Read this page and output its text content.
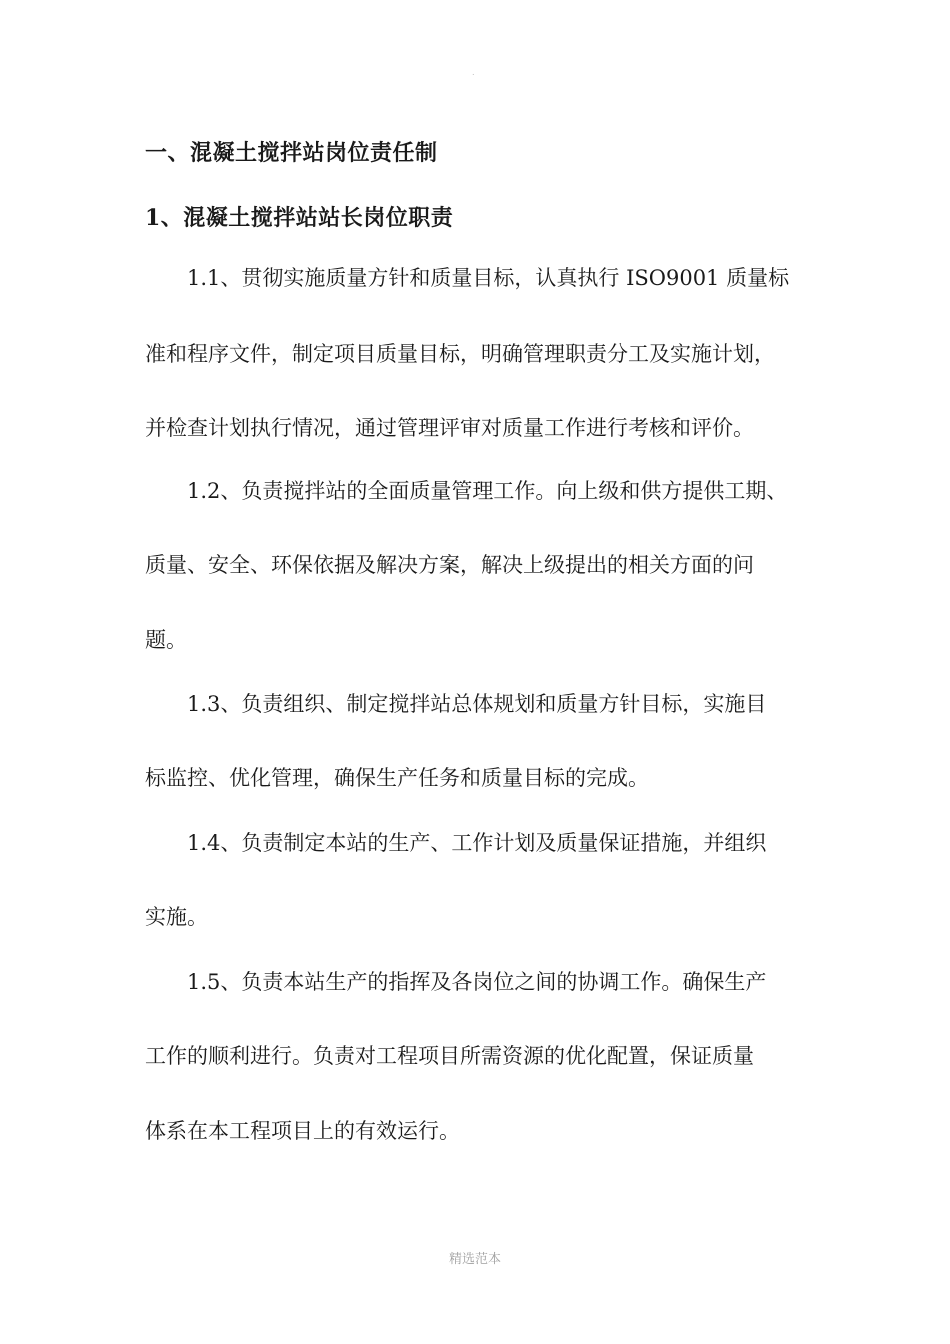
.
一、混凝土搅拌站岗位责任制
1、混凝土搅拌站站长岗位职责
1.1、贯彻实施质量方针和质量目标，认真执行 ISO9001 质量标
准和程序文件，制定项目质量目标，明确管理职责分工及实施计划，
并检查计划执行情况，通过管理评审对质量工作进行考核和评价。
1.2、负责搅拌站的全面质量管理工作。向上级和供方提供工期、
质量、安全、环保依据及解决方案，解决上级提出的相关方面的问
题。
1.3、负责组织、制定搅拌站总体规划和质量方针目标，实施目
标监控、优化管理，确保生产任务和质量目标的完成。
1.4、负责制定本站的生产、工作计划及质量保证措施，并组织
实施。
1.5、负责本站生产的指挥及各岗位之间的协调工作。确保生产
工作的顺利进行。负责对工程项目所需资源的优化配置，保证质量
体系在本工程项目上的有效运行。
精选范本
